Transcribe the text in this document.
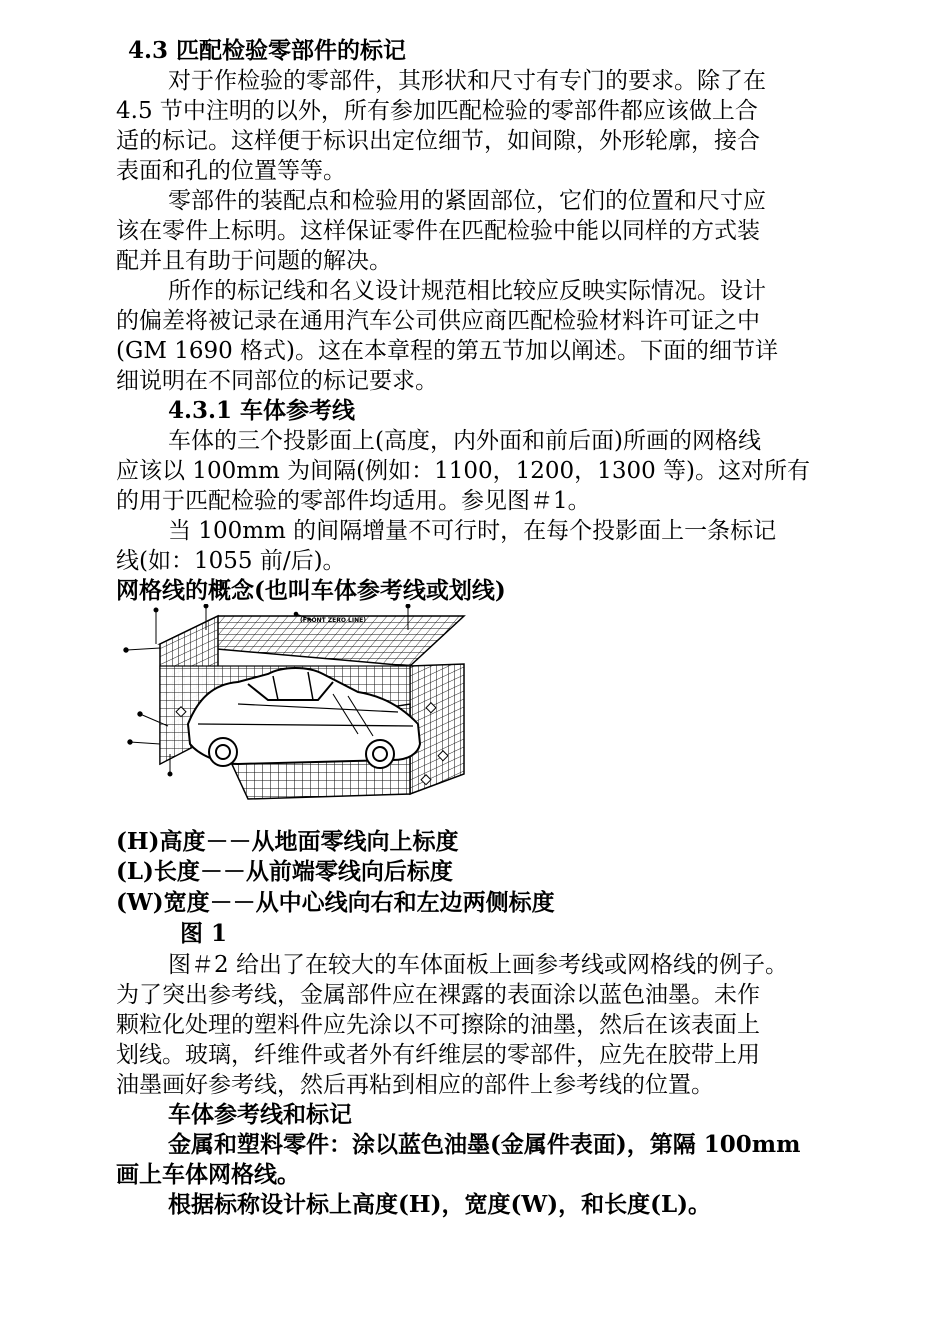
4.3 匹配检验零部件的标记
对于作检验的零部件，其形状和尺寸有专门的要求。除了在
4.5 节中注明的以外，所有参加匹配检验的零部件都应该做上合
适的标记。这样便于标识出定位细节，如间隙，外形轮廓，接合
表面和孔的位置等等。
零部件的装配点和检验用的紧固部位，它们的位置和尺寸应
该在零件上标明。这样保证零件在匹配检验中能以同样的方式装
配并且有助于问题的解决。
所作的标记线和名义设计规范相比较应反映实际情况。设计
的偏差将被记录在通用汽车公司供应商匹配检验材料许可证之中
(GM 1690 格式)。这在本章程的第五节加以阐述。下面的细节详
细说明在不同部位的标记要求。
4.3.1 车体参考线
车体的三个投影面上(高度，内外面和前后面)所画的网格线
应该以 100mm 为间隔(例如：1100，1200，1300 等)。这对所有
的用于匹配检验的零部件均适用。参见图＃1。
当 100mm 的间隔增量不可行时，在每个投影面上一条标记
线(如：1055 前/后)。
网格线的概念(也叫车体参考线或划线)
(FRONT ZERO LINE)
(H)高度－－从地面零线向上标度
(L)长度－－从前端零线向后标度
(W)宽度－－从中心线向右和左边两侧标度
图 1
图＃2 给出了在较大的车体面板上画参考线或网格线的例子。
为了突出参考线，金属部件应在裸露的表面涂以蓝色油墨。未作
颗粒化处理的塑料件应先涂以不可擦除的油墨，然后在该表面上
划线。玻璃，纤维件或者外有纤维层的零部件，应先在胶带上用
油墨画好参考线，然后再粘到相应的部件上参考线的位置。
车体参考线和标记
金属和塑料零件：涂以蓝色油墨(金属件表面)，第隔 100mm
画上车体网格线。
根据标称设计标上高度(H)，宽度(W)，和长度(L)。
